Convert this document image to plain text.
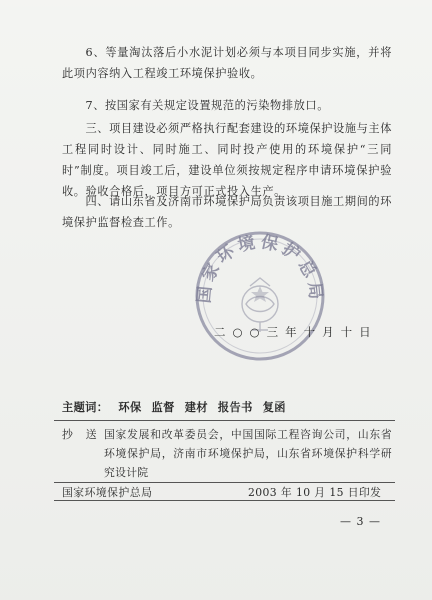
6、等量淘汰落后小水泥计划必须与本项目同步实施，并将此项内容纳入工程竣工环境保护验收。

7、按国家有关规定设置规范的污染物排放口。

三、项目建设必须严格执行配套建设的环境保护设施与主体工程同时设计、同时施工、同时投产使用的环境保护“三同时”制度。项目竣工后，建设单位须按规定程序申请环境保护验收。验收合格后，项目方可正式投入生产。

四、请山东省及济南市环境保护局负责该项目施工期间的环境保护监督检查工作。

国家环境保护总局
二○○三年十月十日
主题词： 环保 监督 建材 报告书 复函
抄送
国家发展和改革委员会，中国国际工程咨询公司，山东省环境保护局，济南市环境保护局，山东省环境保护科学研究设计院
国家环境保护总局	2003 年 10 月 15 日印发
— 3 —
